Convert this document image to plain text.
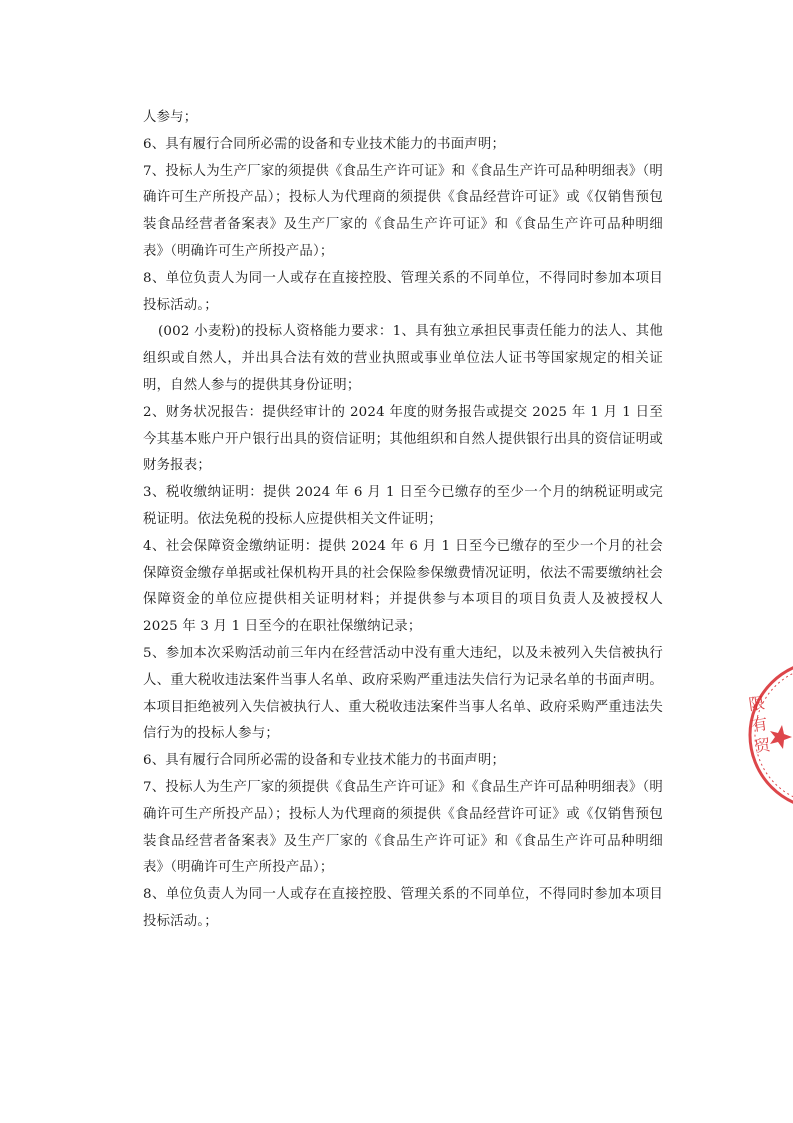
人参与；

6、具有履行合同所必需的设备和专业技术能力的书面声明；

7、投标人为生产厂家的须提供《食品生产许可证》和《食品生产许可品种明细表》（明确许可生产所投产品）；投标人为代理商的须提供《食品经营许可证》或《仅销售预包装食品经营者备案表》及生产厂家的《食品生产许可证》和《食品生产许可品种明细表》（明确许可生产所投产品）；

8、单位负责人为同一人或存在直接控股、管理关系的不同单位，不得同时参加本项目投标活动。；

(002 小麦粉)的投标人资格能力要求：1、具有独立承担民事责任能力的法人、其他组织或自然人，并出具合法有效的营业执照或事业单位法人证书等国家规定的相关证明，自然人参与的提供其身份证明；

2、财务状况报告：提供经审计的 2024 年度的财务报告或提交 2025 年 1 月 1 日至今其基本账户开户银行出具的资信证明；其他组织和自然人提供银行出具的资信证明或财务报表；

3、税收缴纳证明：提供 2024 年 6 月 1 日至今已缴存的至少一个月的纳税证明或完税证明。依法免税的投标人应提供相关文件证明；

4、社会保障资金缴纳证明：提供 2024 年 6 月 1 日至今已缴存的至少一个月的社会保障资金缴存单据或社保机构开具的社会保险参保缴费情况证明，依法不需要缴纳社会保障资金的单位应提供相关证明材料；并提供参与本项目的项目负责人及被授权人 2025 年 3 月 1 日至今的在职社保缴纳记录；

5、参加本次采购活动前三年内在经营活动中没有重大违纪，以及未被列入失信被执行人、重大税收违法案件当事人名单、政府采购严重违法失信行为记录名单的书面声明。本项目拒绝被列入失信被执行人、重大税收违法案件当事人名单、政府采购严重违法失信行为的投标人参与；

6、具有履行合同所必需的设备和专业技术能力的书面声明；

7、投标人为生产厂家的须提供《食品生产许可证》和《食品生产许可品种明细表》（明确许可生产所投产品）；投标人为代理商的须提供《食品经营许可证》或《仅销售预包装食品经营者备案表》及生产厂家的《食品生产许可证》和《食品生产许可品种明细表》（明确许可生产所投产品）；

8、单位负责人为同一人或存在直接控股、管理关系的不同单位，不得同时参加本项目投标活动。；

限 有 贸
